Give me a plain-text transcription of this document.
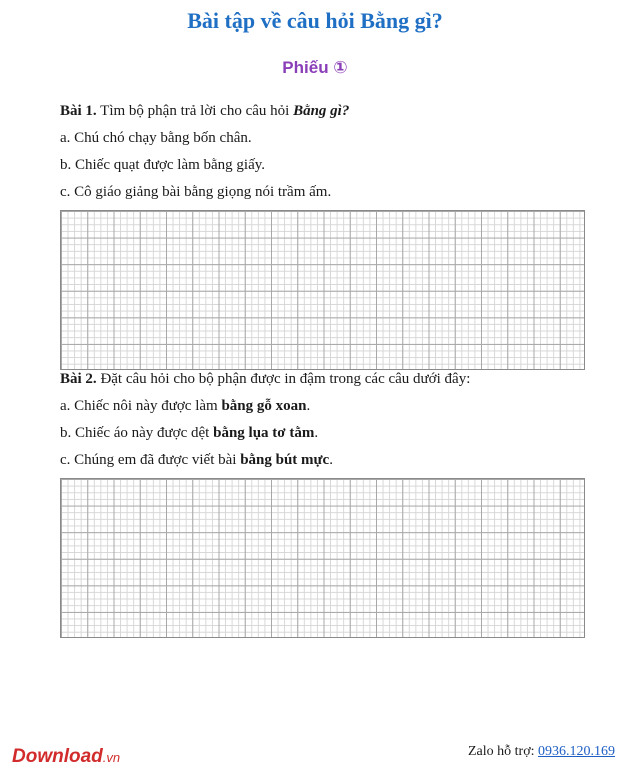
Bài tập về câu hỏi Bằng gì?
Phiếu ①
Bài 1. Tìm bộ phận trả lời cho câu hỏi Bằng gì?
a. Chú chó chạy bằng bốn chân.
b. Chiếc quạt được làm bằng giấy.
c. Cô giáo giảng bài bằng giọng nói trầm ấm.
Bài 2. Đặt câu hỏi cho bộ phận được in đậm trong các câu dưới đây:
a. Chiếc nôi này được làm bằng gỗ xoan.
b. Chiếc áo này được dệt bằng lụa tơ tằm.
c. Chúng em đã được viết bài bằng bút mực.
Download.vn	Zalo hỗ trợ: 0936.120.169
